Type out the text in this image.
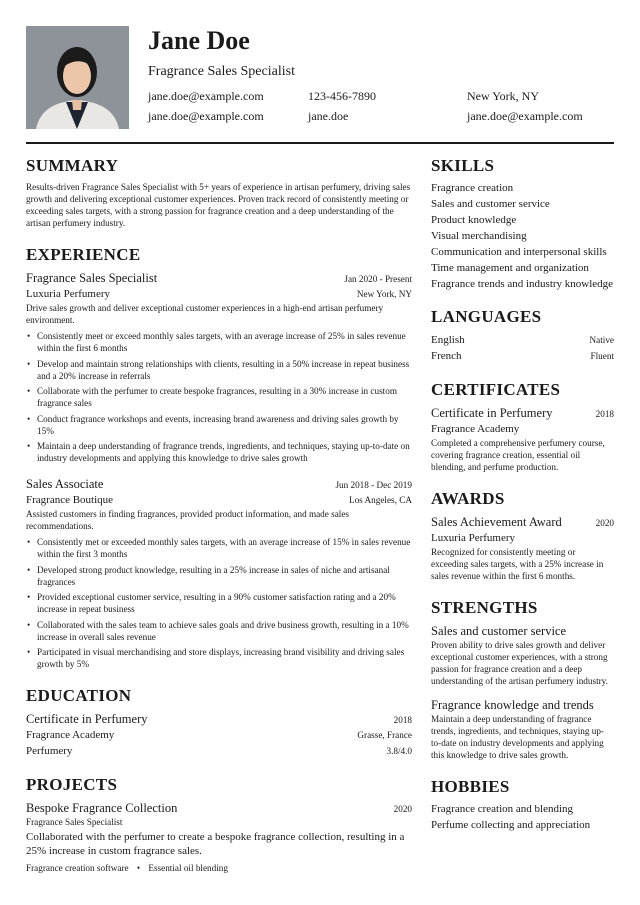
Jane Doe
Fragrance Sales Specialist
jane.doe@example.com	123-456-7890	New York, NY
jane.doe@example.com	jane.doe	jane.doe@example.com
SUMMARY
Results-driven Fragrance Sales Specialist with 5+ years of experience in artisan perfumery, driving sales growth and delivering exceptional customer experiences. Proven track record of consistently meeting or exceeding sales targets, with a strong passion for fragrance creation and a deep understanding of the artisan perfumery industry.
EXPERIENCE
Fragrance Sales Specialist	Jan 2020 - Present
Luxuria Perfumery	New York, NY
Drive sales growth and deliver exceptional customer experiences in a high-end artisan perfumery environment.
• Consistently meet or exceed monthly sales targets, with an average increase of 25% in sales revenue within the first 6 months
• Develop and maintain strong relationships with clients, resulting in a 50% increase in repeat business and a 20% increase in referrals
• Collaborate with the perfumer to create bespoke fragrances, resulting in a 30% increase in custom fragrance sales
• Conduct fragrance workshops and events, increasing brand awareness and driving sales growth by 15%
• Maintain a deep understanding of fragrance trends, ingredients, and techniques, staying up-to-date on industry developments and applying this knowledge to drive sales growth
Sales Associate	Jun 2018 - Dec 2019
Fragrance Boutique	Los Angeles, CA
Assisted customers in finding fragrances, provided product information, and made sales recommendations.
• Consistently met or exceeded monthly sales targets, with an average increase of 15% in sales revenue within the first 3 months
• Developed strong product knowledge, resulting in a 25% increase in sales of niche and artisanal fragrances
• Provided exceptional customer service, resulting in a 90% customer satisfaction rating and a 20% increase in repeat business
• Collaborated with the sales team to achieve sales goals and drive business growth, resulting in a 10% increase in overall sales revenue
• Participated in visual merchandising and store displays, increasing brand visibility and driving sales growth by 5%
EDUCATION
Certificate in Perfumery	2018
Fragrance Academy	Grasse, France
Perfumery	3.8/4.0
PROJECTS
Bespoke Fragrance Collection	2020
Fragrance Sales Specialist
Collaborated with the perfumer to create a bespoke fragrance collection, resulting in a 25% increase in custom fragrance sales.
Fragrance creation software • Essential oil blending
SKILLS
Fragrance creation
Sales and customer service
Product knowledge
Visual merchandising
Communication and interpersonal skills
Time management and organization
Fragrance trends and industry knowledge
LANGUAGES
English	Native
French	Fluent
CERTIFICATES
Certificate in Perfumery	2018
Fragrance Academy
Completed a comprehensive perfumery course, covering fragrance creation, essential oil blending, and perfume production.
AWARDS
Sales Achievement Award	2020
Luxuria Perfumery
Recognized for consistently meeting or exceeding sales targets, with a 25% increase in sales revenue within the first 6 months.
STRENGTHS
Sales and customer service
Proven ability to drive sales growth and deliver exceptional customer experiences, with a strong passion for fragrance creation and a deep understanding of the artisan perfumery industry.
Fragrance knowledge and trends
Maintain a deep understanding of fragrance trends, ingredients, and techniques, staying up-to-date on industry developments and applying this knowledge to drive sales growth.
HOBBIES
Fragrance creation and blending
Perfume collecting and appreciation
